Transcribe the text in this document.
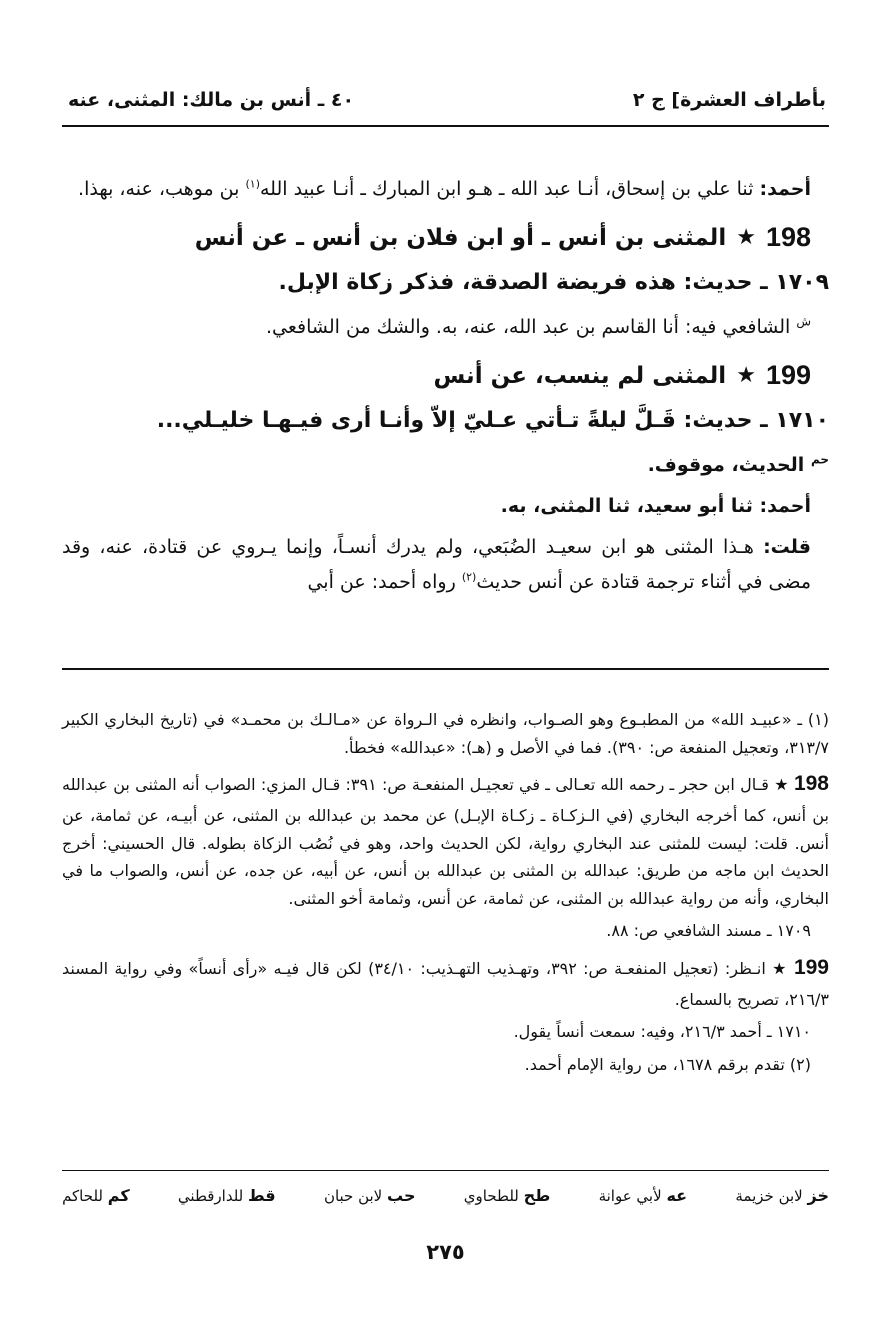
بأطراف العشرة] ج ٢
٤٠ ـ أنس بن مالك: المثنى، عنه

أحمد: ثنا علي بن إسحاق، أنـا عبد الله ـ هـو ابن المبارك ـ أنـا عبيد الله$^{(١)}$ بن موهب، عنه، بهذا.

198
★
المثنى بن أنس ـ أو ابن فلان بن أنس ـ عن أنس

١٧٠٩ ـ حديث: هذه فريضة الصدقة، فذكر زكاة الإبل.

$^ش$ الشافعي فيه: أنا القاسم بن عبد الله، عنه، به. والشك من الشافعي.

199
★
المثنى لم ينسب، عن أنس

١٧١٠ ـ حديث: قَـلَّ ليلةً تـأتي عـليّ إلاّ وأنـا أرى فيـهـا خليـلي...

$^{حم}$ الحديث، موقوف.

أحمد: ثنا أبو سعيد، ثنا المثنى، به.

قلت: هـذا المثنى هو ابن سعيـد الضُبَعي، ولم يدرك أنسـاً، وإنما يـروي عن قتادة، عنه، وقد مضى في أثناء ترجمة قتادة عن أنس حديث$^{(٢)}$ رواه أحمد: عن أبي

(١) ـ «عبيـد الله» من المطبـوع وهو الصـواب، وانظره في الـرواة عن «مـالـك بن محمـد» في (تاريخ البخاري الكبير ٣١٣/٧، وتعجيل المنفعة ص: ٣٩٠). فما في الأصل و (هـ): «عبدالله» فخطأ.

198 ★ قـال ابن حجر ـ رحمه الله تعـالى ـ في تعجيـل المنفعـة ص: ٣٩١: قـال المزي: الصواب أنه المثنى بن عبدالله بن أنس، كما أخرجه البخاري (في الـزكـاة ـ زكـاة الإبـل) عن محمد بن عبدالله بن المثنى، عن أبيـه، عن ثمامة، عن أنس. قلت: ليست للمثنى عند البخاري رواية، لكن الحديث واحد، وهو في نُصُب الزكاة بطوله. قال الحسيني: أخرج الحديث ابن ماجه من طريق: عبدالله بن المثنى بن عبدالله بن أنس، عن أبيه، عن جده، عن أنس، والصواب ما في البخاري، وأنه من رواية عبدالله بن المثنى، عن ثمامة، عن أنس، وثمامة أخو المثنى.

١٧٠٩ ـ مسند الشافعي ص: ٨٨.

199 ★ انـظر: (تعجيل المنفعـة ص: ٣٩٢، وتهـذيب التهـذيب: ٣٤/١٠) لكن قال فيـه «رأى أنساً» وفي رواية المسند ٢١٦/٣، تصريح بالسماع.

١٧١٠ ـ أحمد ٢١٦/٣، وفيه: سمعت أنساً يقول.

(٢) تقدم برقم ١٦٧٨، من رواية الإمام أحمد.

خز لابن خزيمة
عه لأبي عوانة
طح للطحاوي
حب لابن حبان
قط للدارقطني
كم للحاكم
٢٧٥
